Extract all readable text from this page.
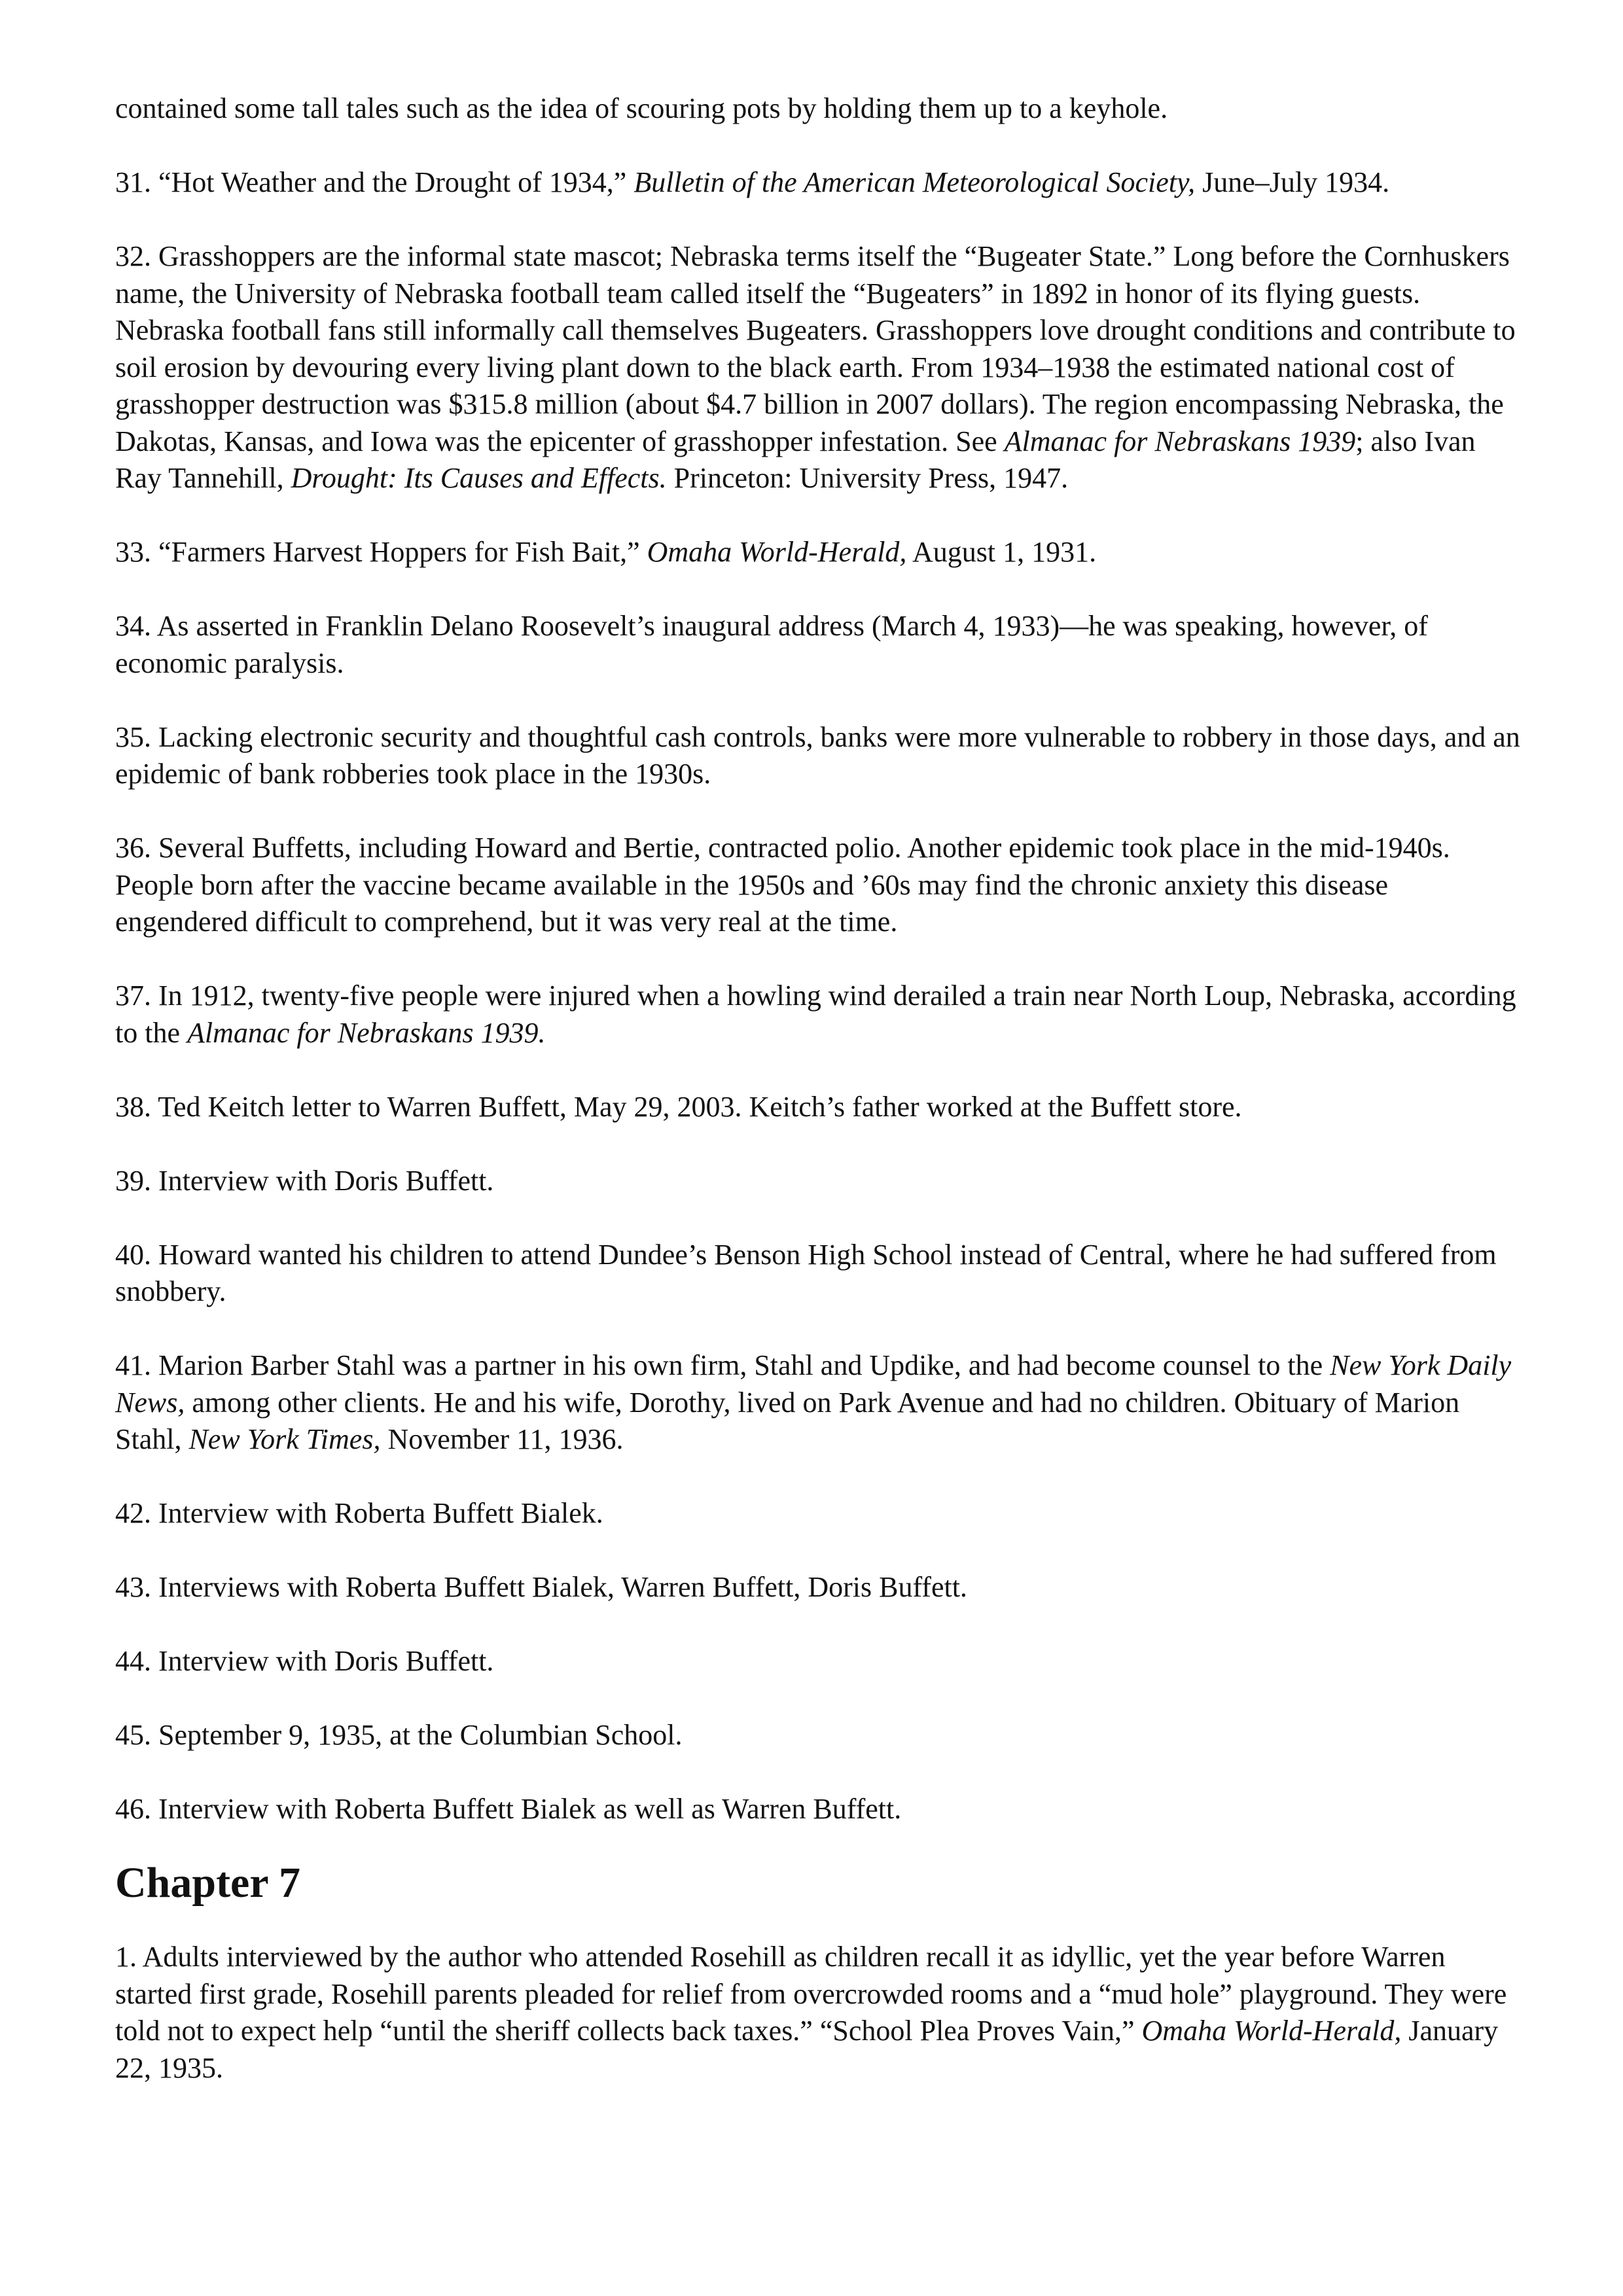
contained some tall tales such as the idea of scouring pots by holding them up to a keyhole.

31. “Hot Weather and the Drought of 1934,” Bulletin of the American Meteorological Society, June–July 1934.

32. Grasshoppers are the informal state mascot; Nebraska terms itself the “Bugeater State.” Long before the Cornhuskers name, the University of Nebraska football team called itself the “Bugeaters” in 1892 in honor of its flying guests. Nebraska football fans still informally call themselves Bugeaters. Grasshoppers love drought conditions and contribute to soil erosion by devouring every living plant down to the black earth. From 1934–1938 the estimated national cost of grasshopper destruction was $315.8 million (about $4.7 billion in 2007 dollars). The region encompassing Nebraska, the Dakotas, Kansas, and Iowa was the epicenter of grasshopper infestation. See Almanac for Nebraskans 1939; also Ivan Ray Tannehill, Drought: Its Causes and Effects. Princeton: University Press, 1947.

33. “Farmers Harvest Hoppers for Fish Bait,” Omaha World-Herald, August 1, 1931.

34. As asserted in Franklin Delano Roosevelt’s inaugural address (March 4, 1933)—he was speaking, however, of economic paralysis.

35. Lacking electronic security and thoughtful cash controls, banks were more vulnerable to robbery in those days, and an epidemic of bank robberies took place in the 1930s.

36. Several Buffetts, including Howard and Bertie, contracted polio. Another epidemic took place in the mid-1940s. People born after the vaccine became available in the 1950s and ’60s may find the chronic anxiety this disease engendered difficult to comprehend, but it was very real at the time.

37. In 1912, twenty-five people were injured when a howling wind derailed a train near North Loup, Nebraska, according to the Almanac for Nebraskans 1939.

38. Ted Keitch letter to Warren Buffett, May 29, 2003. Keitch’s father worked at the Buffett store.

39. Interview with Doris Buffett.

40. Howard wanted his children to attend Dundee’s Benson High School instead of Central, where he had suffered from snobbery.

41. Marion Barber Stahl was a partner in his own firm, Stahl and Updike, and had become counsel to the New York Daily News, among other clients. He and his wife, Dorothy, lived on Park Avenue and had no children. Obituary of Marion Stahl, New York Times, November 11, 1936.

42. Interview with Roberta Buffett Bialek.

43. Interviews with Roberta Buffett Bialek, Warren Buffett, Doris Buffett.

44. Interview with Doris Buffett.

45. September 9, 1935, at the Columbian School.

46. Interview with Roberta Buffett Bialek as well as Warren Buffett.

Chapter 7

1. Adults interviewed by the author who attended Rosehill as children recall it as idyllic, yet the year before Warren started first grade, Rosehill parents pleaded for relief from overcrowded rooms and a “mud hole” playground. They were told not to expect help “until the sheriff collects back taxes.” “School Plea Proves Vain,” Omaha World-Herald, January 22, 1935.
